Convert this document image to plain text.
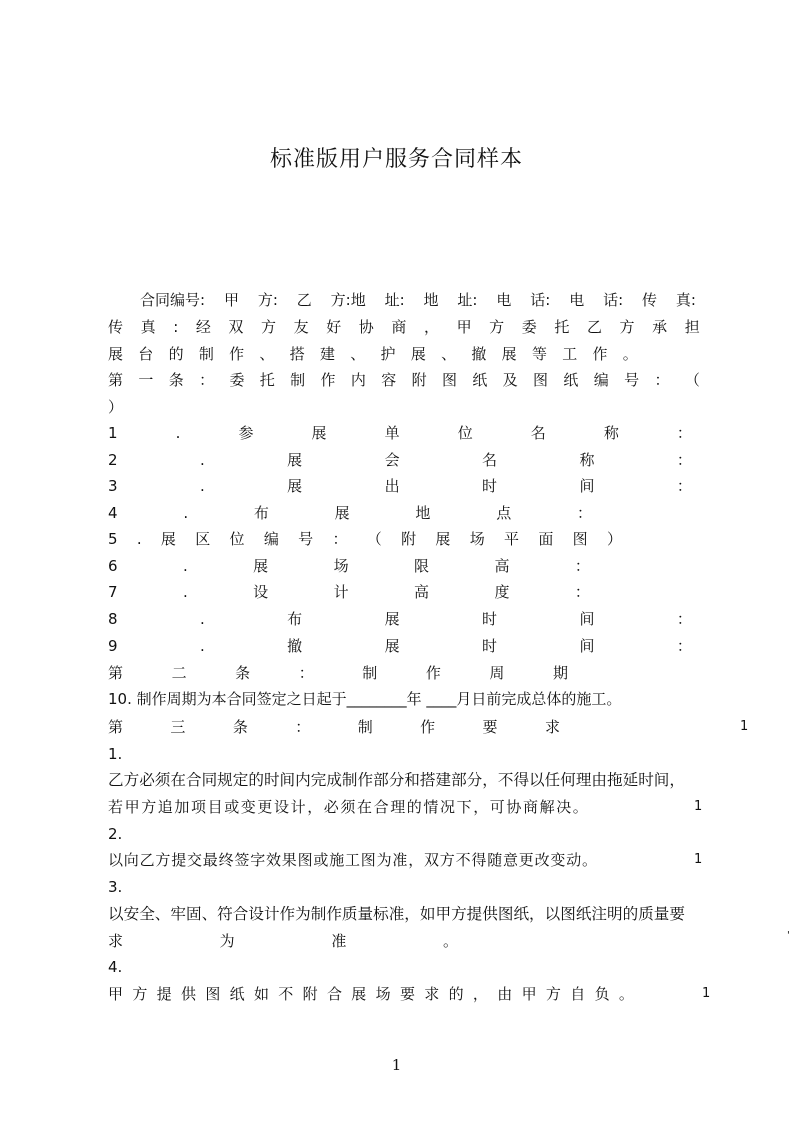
标准版用户服务合同样本
合同编号: 甲 方: 乙 方:地 址: 地 址: 电 话: 电 话: 传 真:
传 真 : 经 双 方 友 好 协 商 ， 甲 方 委 托 乙 方 承 担
展 台 的 制 作 、 搭 建 、 护 展 、 撤 展 等 工 作 。
第 一 条 ： 委 托 制 作 内 容 附 图 纸 及 图 纸 编 号 ： （
）
1	.	参	展	单	位	名	称	：
2	.	展	会	名	称	：
3	.	展	出	时	间	：
4	.	布	展	地	点	：
5 . 展 区 位 编 号 ： （ 附 展 场 平 面 图 ）
6	.	展	场	限	高	：
7	.	设	计	高	度	：
8	.	布	展	时	间	：
9	.	撤	展	时	间	：
第	二	条	：	制	作	周	期
10. 制作周期为本合同签定之日起于________年 ____月日前完成总体的施工。
第	三	条	：	制	作	要	求
1.
乙方必须在合同规定的时间内完成制作部分和搭建部分，不得以任何理由拖延时间，
若甲方追加项目或变更设计，必须在合理的情况下，可协商解决。
2.
以向乙方提交最终签字效果图或施工图为准，双方不得随意更改变动。
3.
以安全、牢固、符合设计作为制作质量标准，如甲方提供图纸，以图纸注明的质量要
求	为	准	。
4.
甲 方 提 供 图 纸 如 不 附 合 展 场 要 求 的 ， 由 甲 方 自 负 。
1
1
1
1
'
1
